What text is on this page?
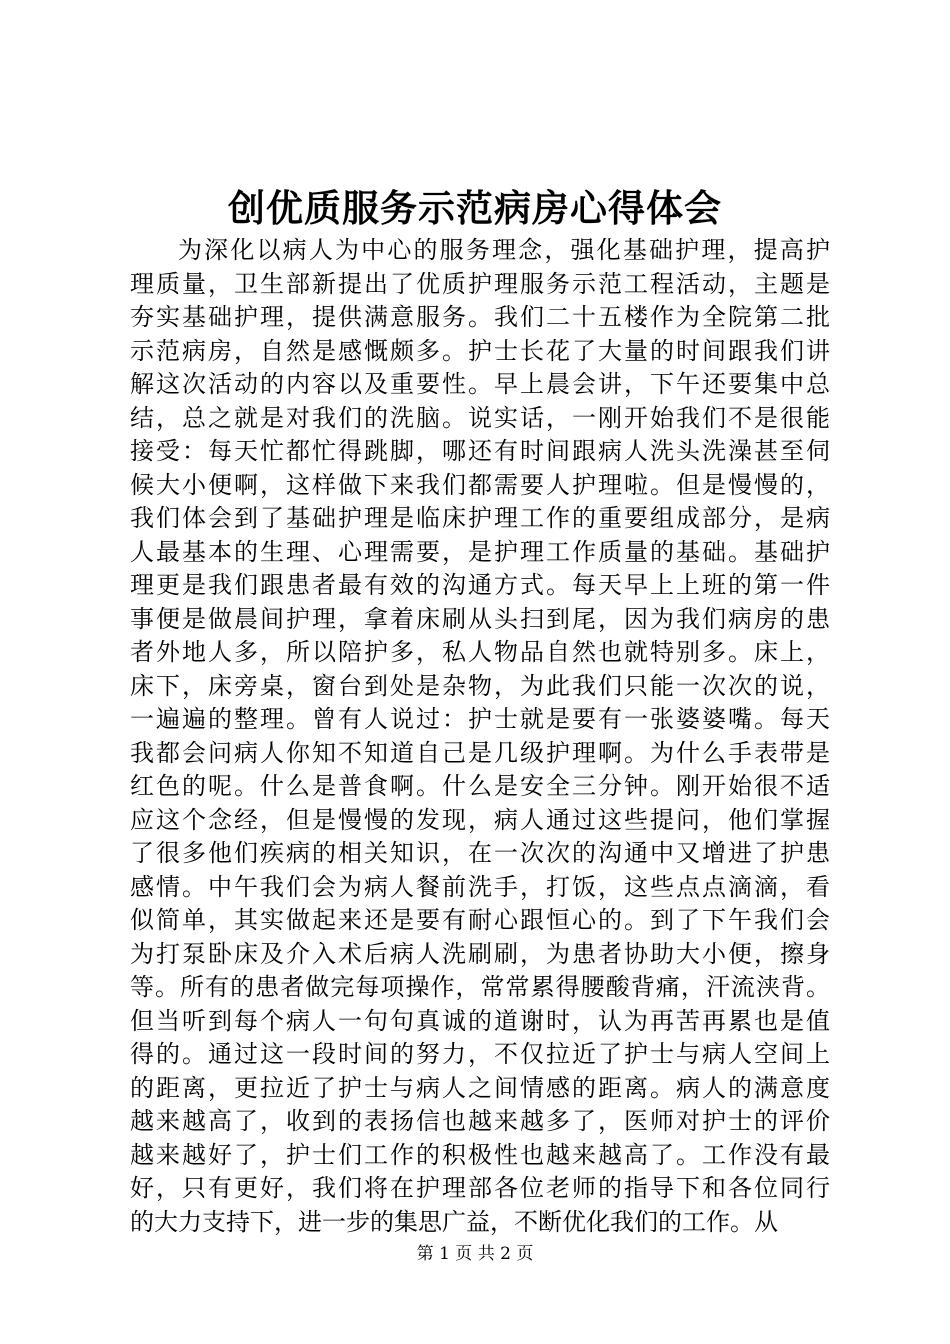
创优质服务示范病房心得体会
为深化以病人为中心的服务理念，强化基础护理，提高护
理质量，卫生部新提出了优质护理服务示范工程活动，主题是
夯实基础护理，提供满意服务。我们二十五楼作为全院第二批
示范病房，自然是感慨颇多。护士长花了大量的时间跟我们讲
解这次活动的内容以及重要性。早上晨会讲，下午还要集中总
结，总之就是对我们的洗脑。说实话，一刚开始我们不是很能
接受：每天忙都忙得跳脚，哪还有时间跟病人洗头洗澡甚至伺
候大小便啊，这样做下来我们都需要人护理啦。但是慢慢的，
我们体会到了基础护理是临床护理工作的重要组成部分，是病
人最基本的生理、心理需要，是护理工作质量的基础。基础护
理更是我们跟患者最有效的沟通方式。每天早上上班的第一件
事便是做晨间护理，拿着床刷从头扫到尾，因为我们病房的患
者外地人多，所以陪护多，私人物品自然也就特别多。床上，
床下，床旁桌，窗台到处是杂物，为此我们只能一次次的说，
一遍遍的整理。曾有人说过：护士就是要有一张婆婆嘴。每天
我都会问病人你知不知道自己是几级护理啊。为什么手表带是
红色的呢。什么是普食啊。什么是安全三分钟。刚开始很不适
应这个念经，但是慢慢的发现，病人通过这些提问，他们掌握
了很多他们疾病的相关知识，在一次次的沟通中又增进了护患
感情。中午我们会为病人餐前洗手，打饭，这些点点滴滴，看
似简单，其实做起来还是要有耐心跟恒心的。到了下午我们会
为打泵卧床及介入术后病人洗刷刷，为患者协助大小便，擦身
等。所有的患者做完每项操作，常常累得腰酸背痛，汗流浃背。
但当听到每个病人一句句真诚的道谢时，认为再苦再累也是值
得的。通过这一段时间的努力，不仅拉近了护士与病人空间上
的距离，更拉近了护士与病人之间情感的距离。病人的满意度
越来越高了，收到的表扬信也越来越多了，医师对护士的评价
越来越好了，护士们工作的积极性也越来越高了。工作没有最
好，只有更好，我们将在护理部各位老师的指导下和各位同行
的大力支持下，进一步的集思广益，不断优化我们的工作。从
第 1 页 共 2 页
